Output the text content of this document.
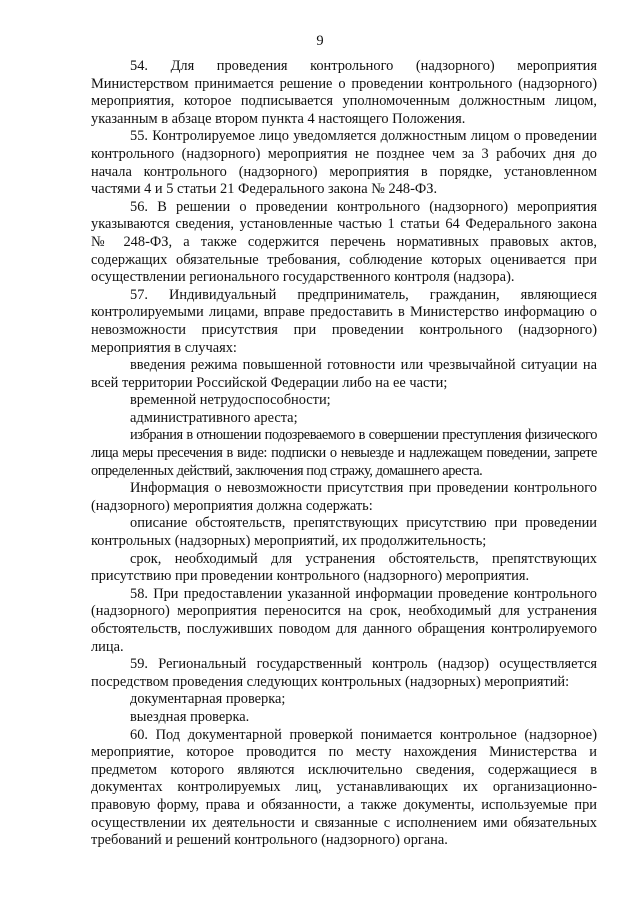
9

54. Для проведения контрольного (надзорного) мероприятия Министерством принимается решение о проведении контрольного (надзорного) мероприятия, которое подписывается уполномоченным должностным лицом, указанным в абзаце втором пункта 4 настоящего Положения.

55. Контролируемое лицо уведомляется должностным лицом о проведении контрольного (надзорного) мероприятия не позднее чем за 3 рабочих дня до начала контрольного (надзорного) мероприятия в порядке, установленном частями 4 и 5 статьи 21 Федерального закона № 248-ФЗ.

56. В решении о проведении контрольного (надзорного) мероприятия указываются сведения, установленные частью 1 статьи 64 Федерального закона № 248-ФЗ, а также содержится перечень нормативных правовых актов, содержащих обязательные требования, соблюдение которых оценивается при осуществлении регионального государственного контроля (надзора).

57. Индивидуальный предприниматель, гражданин, являющиеся контролируемыми лицами, вправе предоставить в Министерство информацию о невозможности присутствия при проведении контрольного (надзорного) мероприятия в случаях:

введения режима повышенной готовности или чрезвычайной ситуации на всей территории Российской Федерации либо на ее части;

временной нетрудоспособности;

административного ареста;

избрания в отношении подозреваемого в совершении преступления физического лица меры пресечения в виде: подписки о невыезде и надлежащем поведении, запрете определенных действий, заключения под стражу, домашнего ареста.

Информация о невозможности присутствия при проведении контрольного (надзорного) мероприятия должна содержать:

описание обстоятельств, препятствующих присутствию при проведении контрольных (надзорных) мероприятий, их продолжительность;

срок, необходимый для устранения обстоятельств, препятствующих присутствию при проведении контрольного (надзорного) мероприятия.

58. При предоставлении указанной информации проведение контрольного (надзорного) мероприятия переносится на срок, необходимый для устранения обстоятельств, послуживших поводом для данного обращения контролируемого лица.

59. Региональный государственный контроль (надзор) осуществляется посредством проведения следующих контрольных (надзорных) мероприятий:

документарная проверка;

выездная проверка.

60. Под документарной проверкой понимается контрольное (надзорное) мероприятие, которое проводится по месту нахождения Министерства и предметом которого являются исключительно сведения, содержащиеся в документах контролируемых лиц, устанавливающих их организационно-правовую форму, права и обязанности, а также документы, используемые при осуществлении их деятельности и связанные с исполнением ими обязательных требований и решений контрольного (надзорного) органа.
